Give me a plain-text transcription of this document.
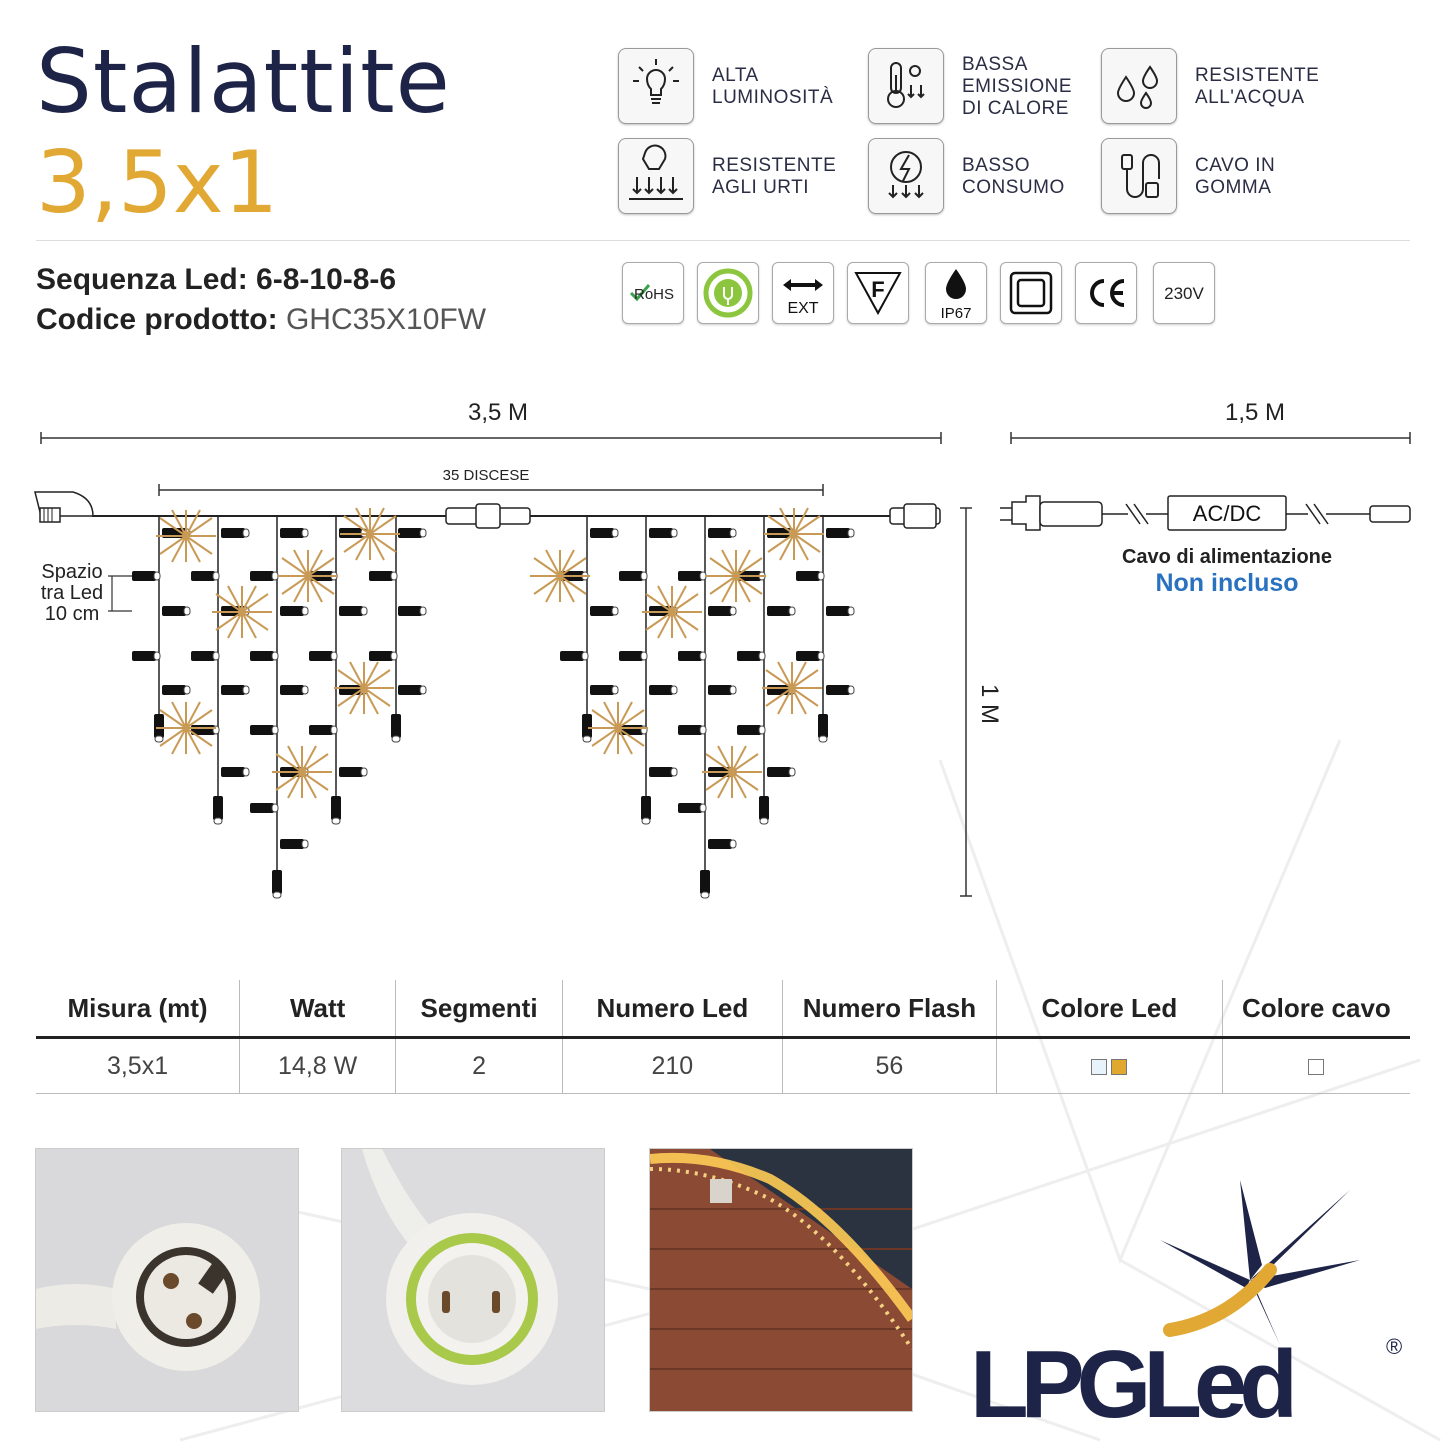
Stalattite
3,5x1
ALTA
LUMINOSITÀ
BASSA
EMISSIONE
DI CALORE
RESISTENTE
ALL'ACQUA
RESISTENTE
AGLI URTI
BASSO
CONSUMO
CAVO IN
GOMMA
Sequenza Led: 6-8-10-8-6
Codice prodotto: GHC35X10FW
RoHS
EXT
F
IP67
230V
3,5 M	1,5 M
35 DISCESE
1 M
Spazio
tra Led
10 cm
AC/DC
Cavo di alimentazione
Non incluso
Misura (mt)	Watt	Segmenti	Numero Led	Numero Flash	Colore Led	Colore cavo
3,5x1	14,8 W	2	210	56		
LPGLed	®
